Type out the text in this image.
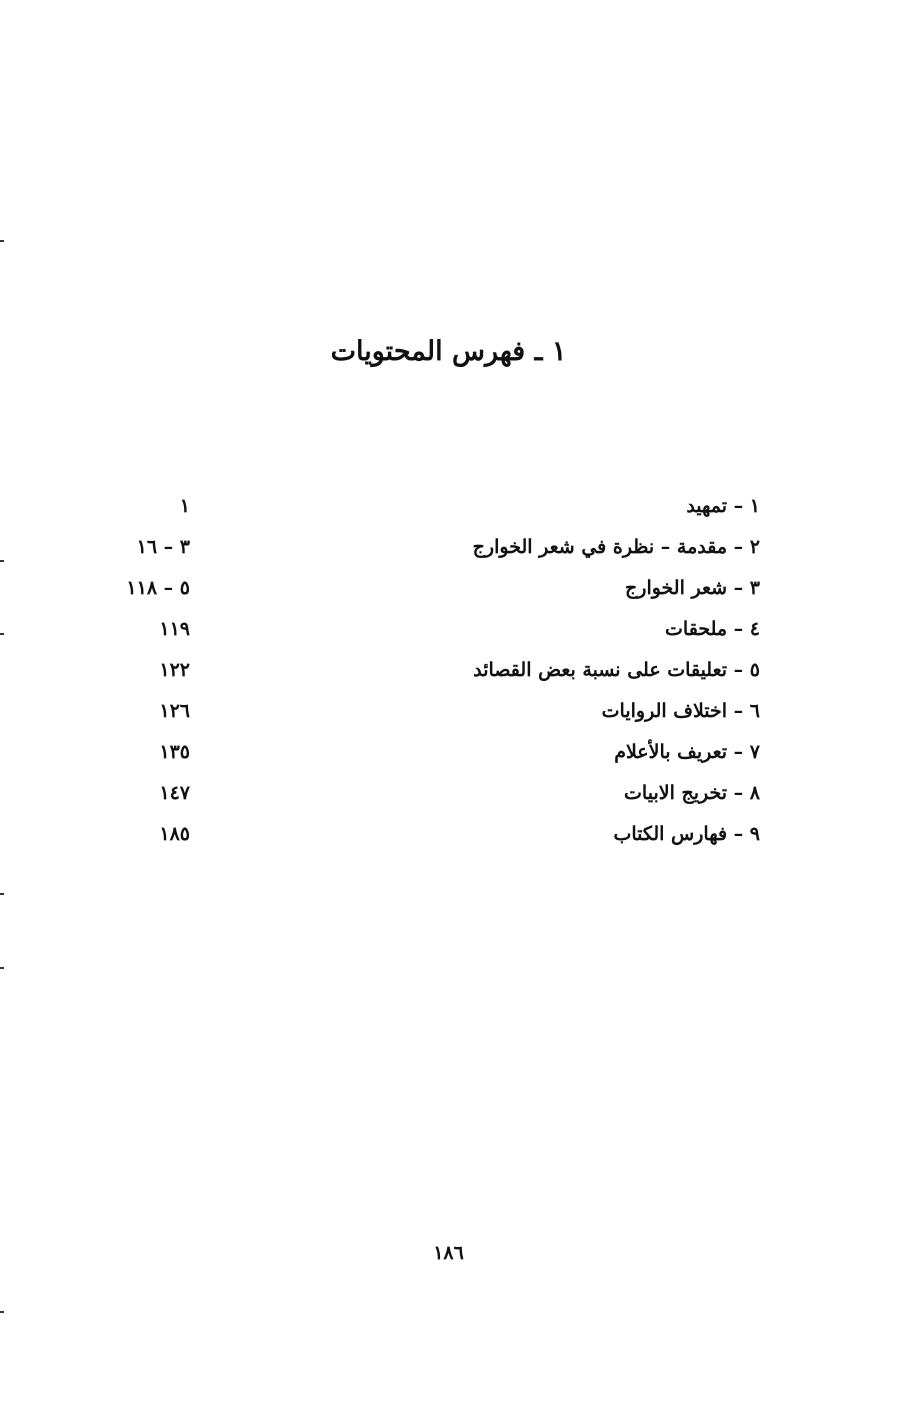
١ ـ فهرس المحتويات
١ – تمهيد
١
٢ – مقدمة – نظرة في شعر الخوارج
٣ – ١٦
٣ – شعر الخوارج
٥ – ١١٨
٤ – ملحقات
١١٩
٥ – تعليقات على نسبة بعض القصائد
١٢٢
٦ – اختلاف الروايات
١٢٦
٧ – تعريف بالأعلام
١٣٥
٨ – تخريج الابيات
١٤٧
٩ – فهارس الكتاب
١٨٥
١٨٦
